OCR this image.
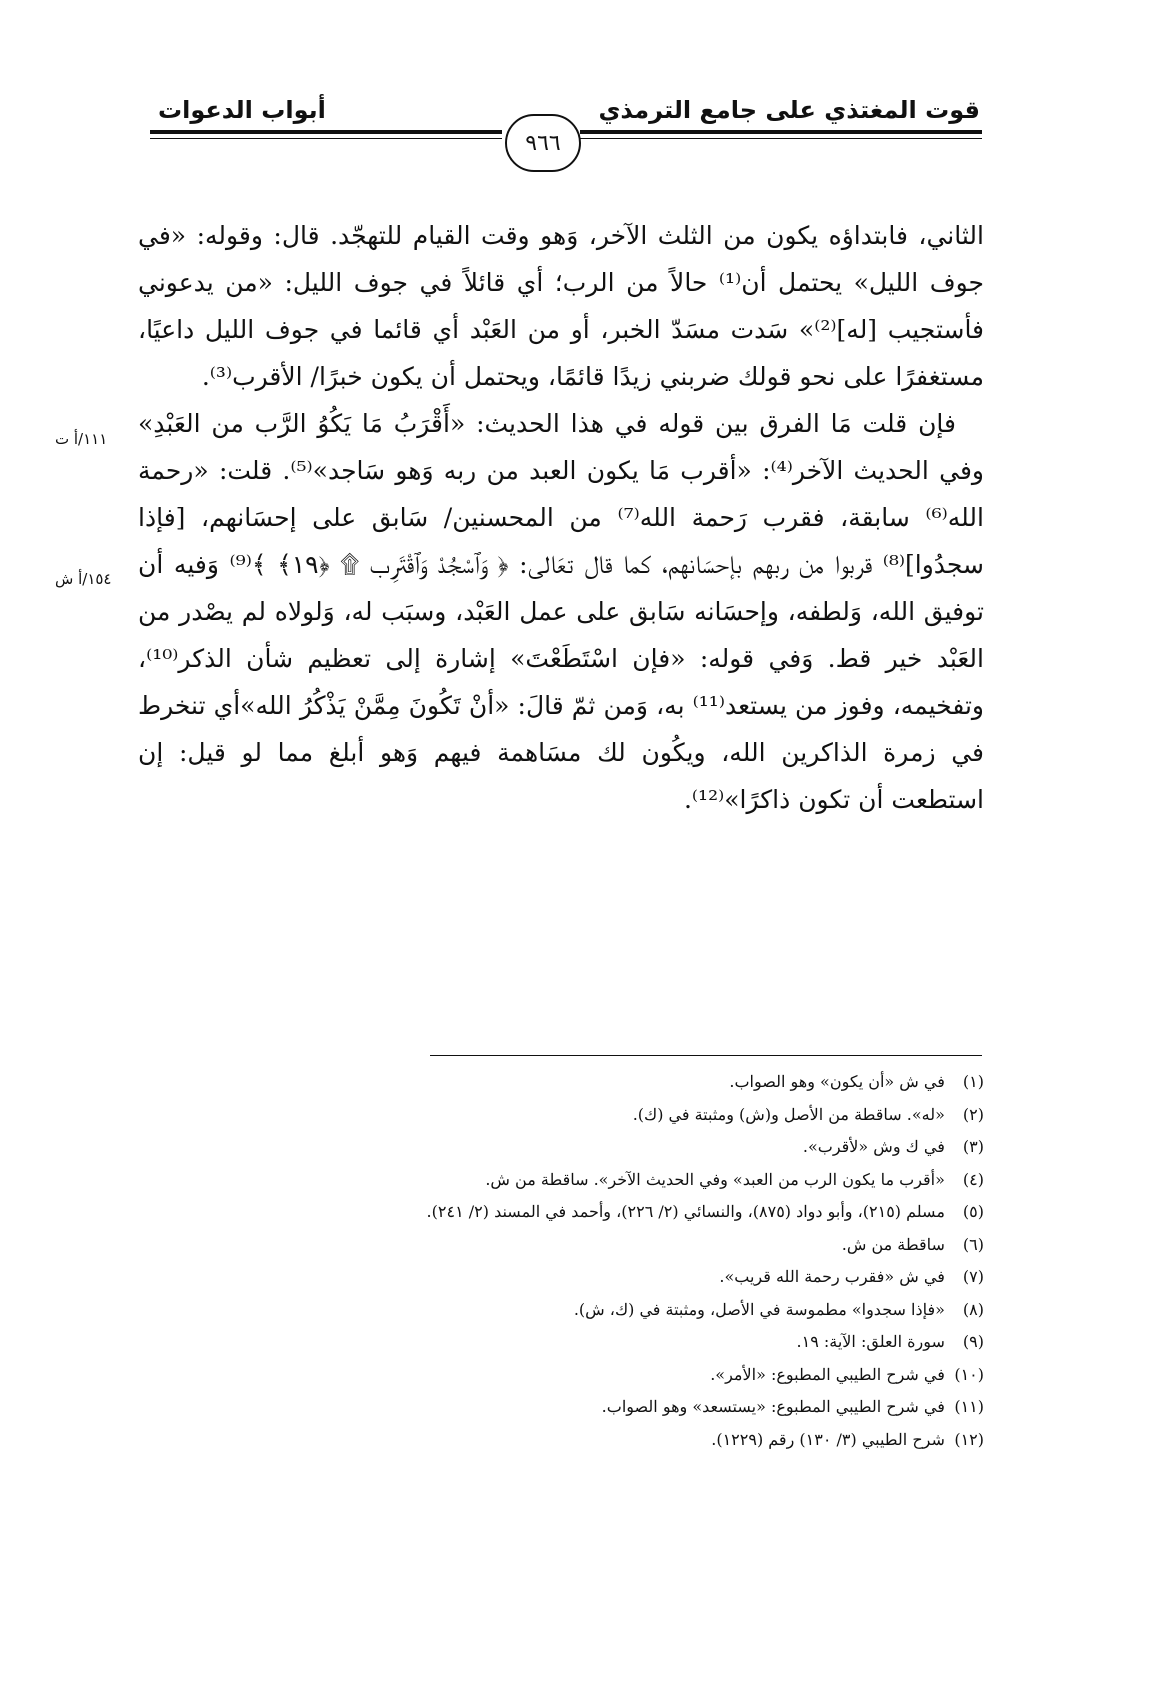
قوت المغتذي على جامع الترمذي
أبواب الدعوات
٩٦٦
١١١/أ ت
١٥٤/أ ش

الثاني، فابتداؤه يكون من الثلث الآخر، وَهو وقت القيام للتهجّد. قال: وقوله: «في جوف الليل» يحتمل أن⁽¹⁾ حالاً من الرب؛ أي قائلاً في جوف الليل: «من يدعوني فأستجيب [له]⁽²⁾» سَدت مسَدّ الخبر، أو من العَبْد أي قائما في جوف الليل داعيًا، مستغفرًا على نحو قولك ضربني زيدًا قائمًا، ويحتمل أن يكون خبرًا/ الأقرب⁽³⁾.

فإن قلت مَا الفرق بين قوله في هذا الحديث: «أَقْرَبُ مَا يَكُوُ الرَّب من العَبْدِ» وفي الحديث الآخر⁽⁴⁾: «أقرب مَا يكون العبد من ربه وَهو سَاجد»⁽⁵⁾. قلت: «رحمة الله⁽⁶⁾ سابقة، فقرب رَحمة الله⁽⁷⁾ من المحسنين/ سَابق على إحسَانهم، [فإذا سجدُوا]⁽⁸⁾ قربوا من ربهم بإحسَانهم، كما قال تعَالى: ﴿ وَٱسْجُدْ وَٱقْتَرِب ۩ ﴿١٩﴾ ﴾⁽⁹⁾ وَفيه أن توفيق الله، وَلطفه، وإحسَانه سَابق على عمل العَبْد، وسبَب له، وَلولاه لم يصْدر من العَبْد خير قط. وَفي قوله: «فإن اسْتَطَعْتَ» إشارة إلى تعظيم شأن الذكر⁽¹⁰⁾، وتفخيمه، وفوز من يستعد⁽¹¹⁾ به، وَمن ثمّ قالَ: «أنْ تَكُونَ مِمَّنْ يَذْكُرُ الله»أي تنخرط في زمرة الذاكرين الله، ويكُون لك مسَاهمة فيهم وَهو أبلغ مما لو قيل: إن استطعت أن تكون ذاكرًا»⁽¹²⁾.

(١) في ش «أن يكون» وهو الصواب.
(٢) «له». ساقطة من الأصل و(ش) ومثبتة في (ك).
(٣) في ك وش «لأقرب».
(٤) «أقرب ما يكون الرب من العبد» وفي الحديث الآخر». ساقطة من ش.
(٥) مسلم (٢١٥)، وأبو دواد (٨٧٥)، والنسائي (٢/ ٢٢٦)، وأحمد في المسند (٢/ ٢٤١).
(٦) ساقطة من ش.
(٧) في ش «فقرب رحمة الله قريب».
(٨) «فإذا سجدوا» مطموسة في الأصل، ومثبتة في (ك، ش).
(٩) سورة العلق: الآية: ١٩.
(١٠) في شرح الطيبي المطبوع: «الأمر».
(١١) في شرح الطيبي المطبوع: «يستسعد» وهو الصواب.
(١٢) شرح الطيبي (٣/ ١٣٠) رقم (١٢٢٩).
